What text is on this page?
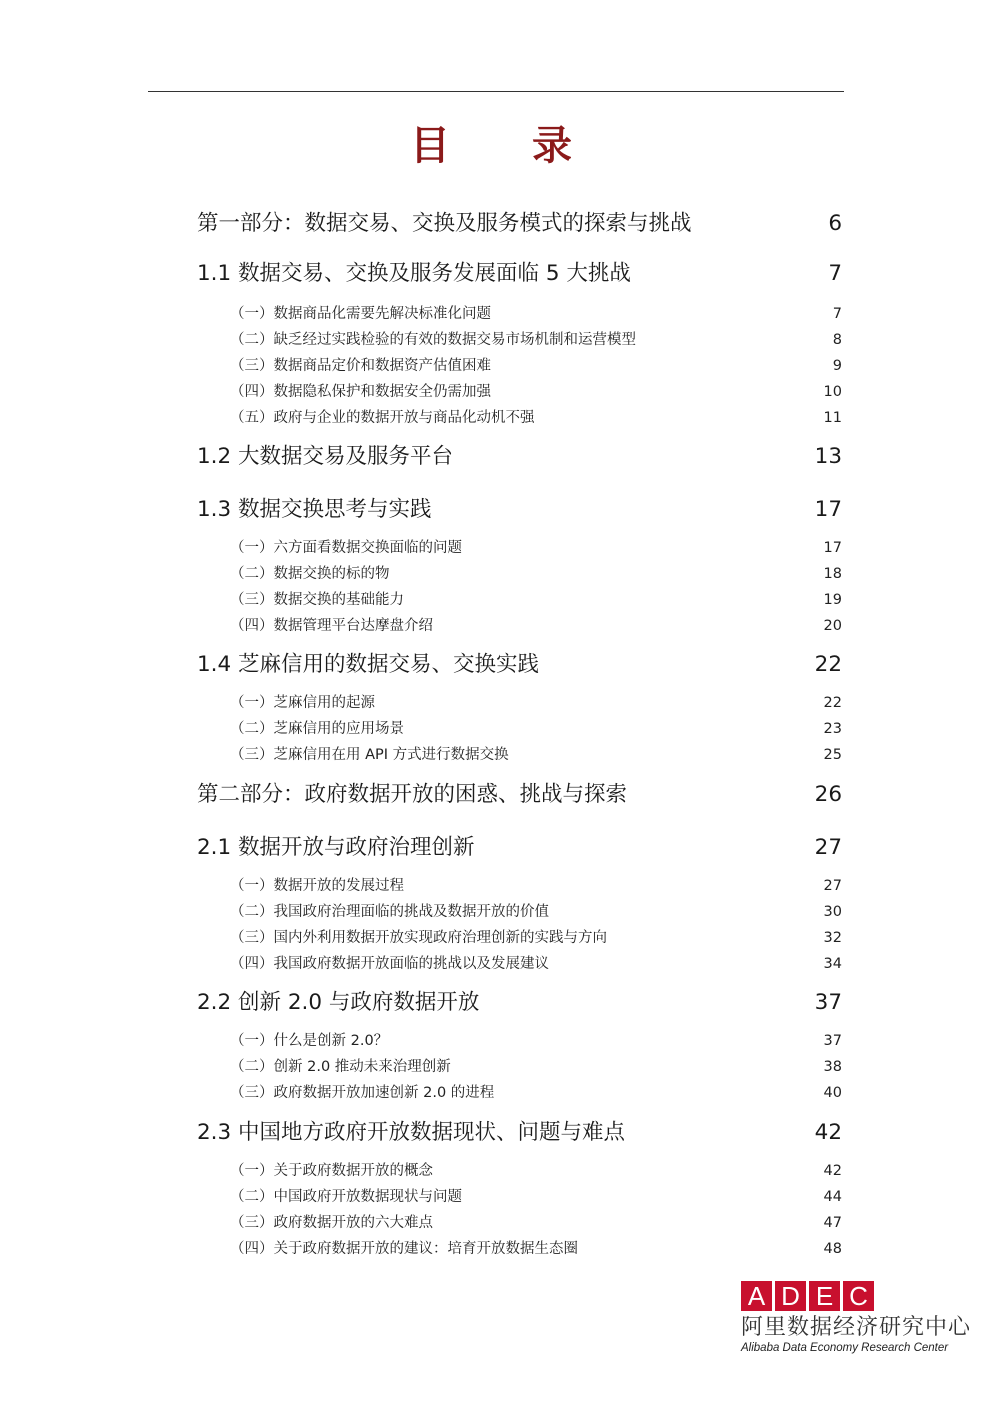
目 录
第一部分：数据交易、交换及服务模式的探索与挑战	6
1.1 数据交易、交换及服务发展面临 5 大挑战	7
（一）数据商品化需要先解决标准化问题	7
（二）缺乏经过实践检验的有效的数据交易市场机制和运营模型	8
（三）数据商品定价和数据资产估值困难	9
（四）数据隐私保护和数据安全仍需加强	10
（五）政府与企业的数据开放与商品化动机不强	11
1.2 大数据交易及服务平台	13
1.3 数据交换思考与实践	17
（一）六方面看数据交换面临的问题	17
（二）数据交换的标的物	18
（三）数据交换的基础能力	19
（四）数据管理平台达摩盘介绍	20
1.4 芝麻信用的数据交易、交换实践	22
（一）芝麻信用的起源	22
（二）芝麻信用的应用场景	23
（三）芝麻信用在用 API 方式进行数据交换	25
第二部分：政府数据开放的困惑、挑战与探索	26
2.1 数据开放与政府治理创新	27
（一）数据开放的发展过程	27
（二）我国政府治理面临的挑战及数据开放的价值	30
（三）国内外利用数据开放实现政府治理创新的实践与方向	32
（四）我国政府数据开放面临的挑战以及发展建议	34
2.2 创新 2.0 与政府数据开放	37
（一）什么是创新 2.0？	37
（二）创新 2.0 推动未来治理创新	38
（三）政府数据开放加速创新 2.0 的进程	40
2.3 中国地方政府开放数据现状、问题与难点	42
（一）关于政府数据开放的概念	42
（二）中国政府开放数据现状与问题	44
（三）政府数据开放的六大难点	47
（四）关于政府数据开放的建议：培育开放数据生态圈	48
A D E C
阿里数据经济研究中心
Alibaba Data Economy Research Center
